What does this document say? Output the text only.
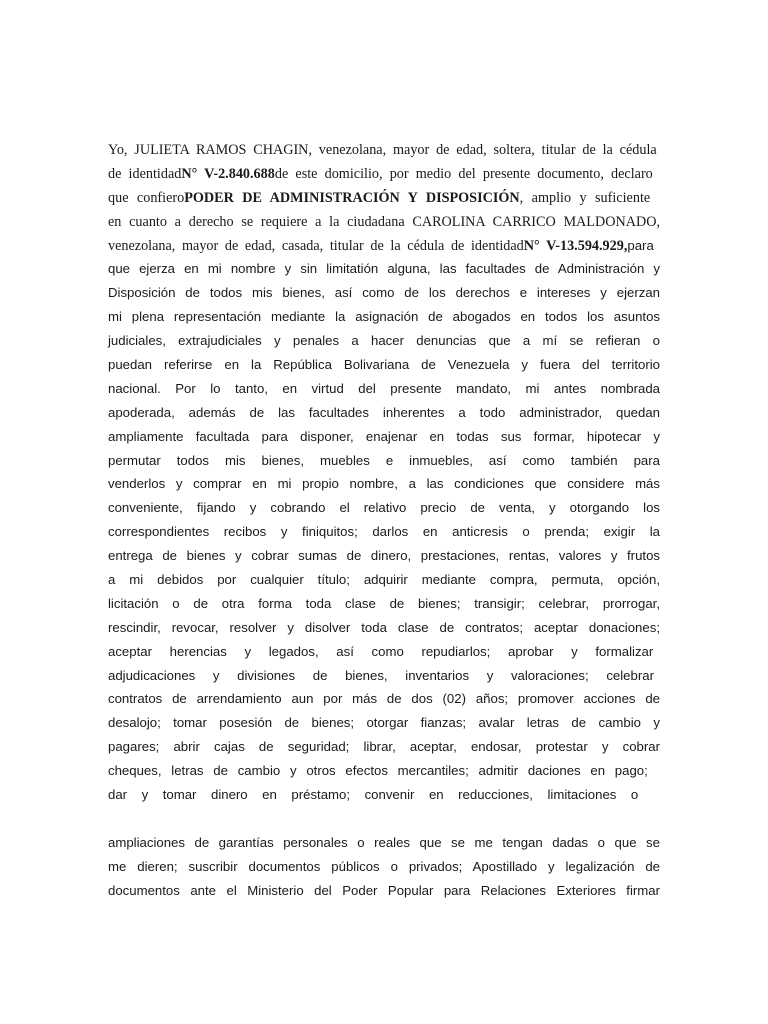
Yo, JULIETA RAMOS CHAGIN, venezolana, mayor de edad, soltera, titular de la cédula
de identidadN° V-2.840.688de este domicilio, por medio del presente documento, declaro
que confieroPODER DE ADMINISTRACIÓN Y DISPOSICIÓN, amplio y suficiente
en cuanto a derecho se requiere a la ciudadana CAROLINA CARRICO MALDONADO,
venezolana, mayor de edad, casada, titular de la cédula de identidadN° V-13.594.929,para
que ejerza en mi nombre y sin limitatión alguna, las facultades de Administración y
Disposición de todos mis bienes, así como de los derechos e intereses y ejerzan
mi plena representación mediante la asignación de abogados en todos los asuntos
judiciales, extrajudiciales y penales a hacer denuncias que a mí se refieran o
puedan referirse en la República Bolivariana de Venezuela y fuera del territorio
nacional. Por lo tanto, en virtud del presente mandato, mi antes nombrada
apoderada, además de las facultades inherentes a todo administrador, quedan
ampliamente facultada para disponer, enajenar en todas sus formar, hipotecar y
permutar todos mis bienes, muebles e inmuebles, así como también para
venderlos y comprar en mi propio nombre, a las condiciones que considere más
conveniente, fijando y cobrando el relativo precio de venta, y otorgando los
correspondientes recibos y finiquitos; darlos en anticresis o prenda; exigir la
entrega de bienes y cobrar sumas de dinero, prestaciones, rentas, valores y frutos
a mi debidos por cualquier título; adquirir mediante compra, permuta, opción,
licitación o de otra forma toda clase de bienes; transigir; celebrar, prorrogar,
rescindir, revocar, resolver y disolver toda clase de contratos; aceptar donaciones;
aceptar herencias y legados, así como repudiarlos; aprobar y formalizar
adjudicaciones y divisiones de bienes, inventarios y valoraciones; celebrar
contratos de arrendamiento aun por más de dos (02) años; promover acciones de
desalojo; tomar posesión de bienes; otorgar fianzas; avalar letras de cambio y
pagares; abrir cajas de seguridad; librar, aceptar, endosar, protestar y cobrar
cheques, letras de cambio y otros efectos mercantiles; admitir daciones en pago;
dar y tomar dinero en préstamo; convenir en reducciones, limitaciones o
ampliaciones de garantías personales o reales que se me tengan dadas o que se
me dieren; suscribir documentos públicos o privados; Apostillado y legalización de
documentos ante el Ministerio del Poder Popular para Relaciones Exteriores firmar
